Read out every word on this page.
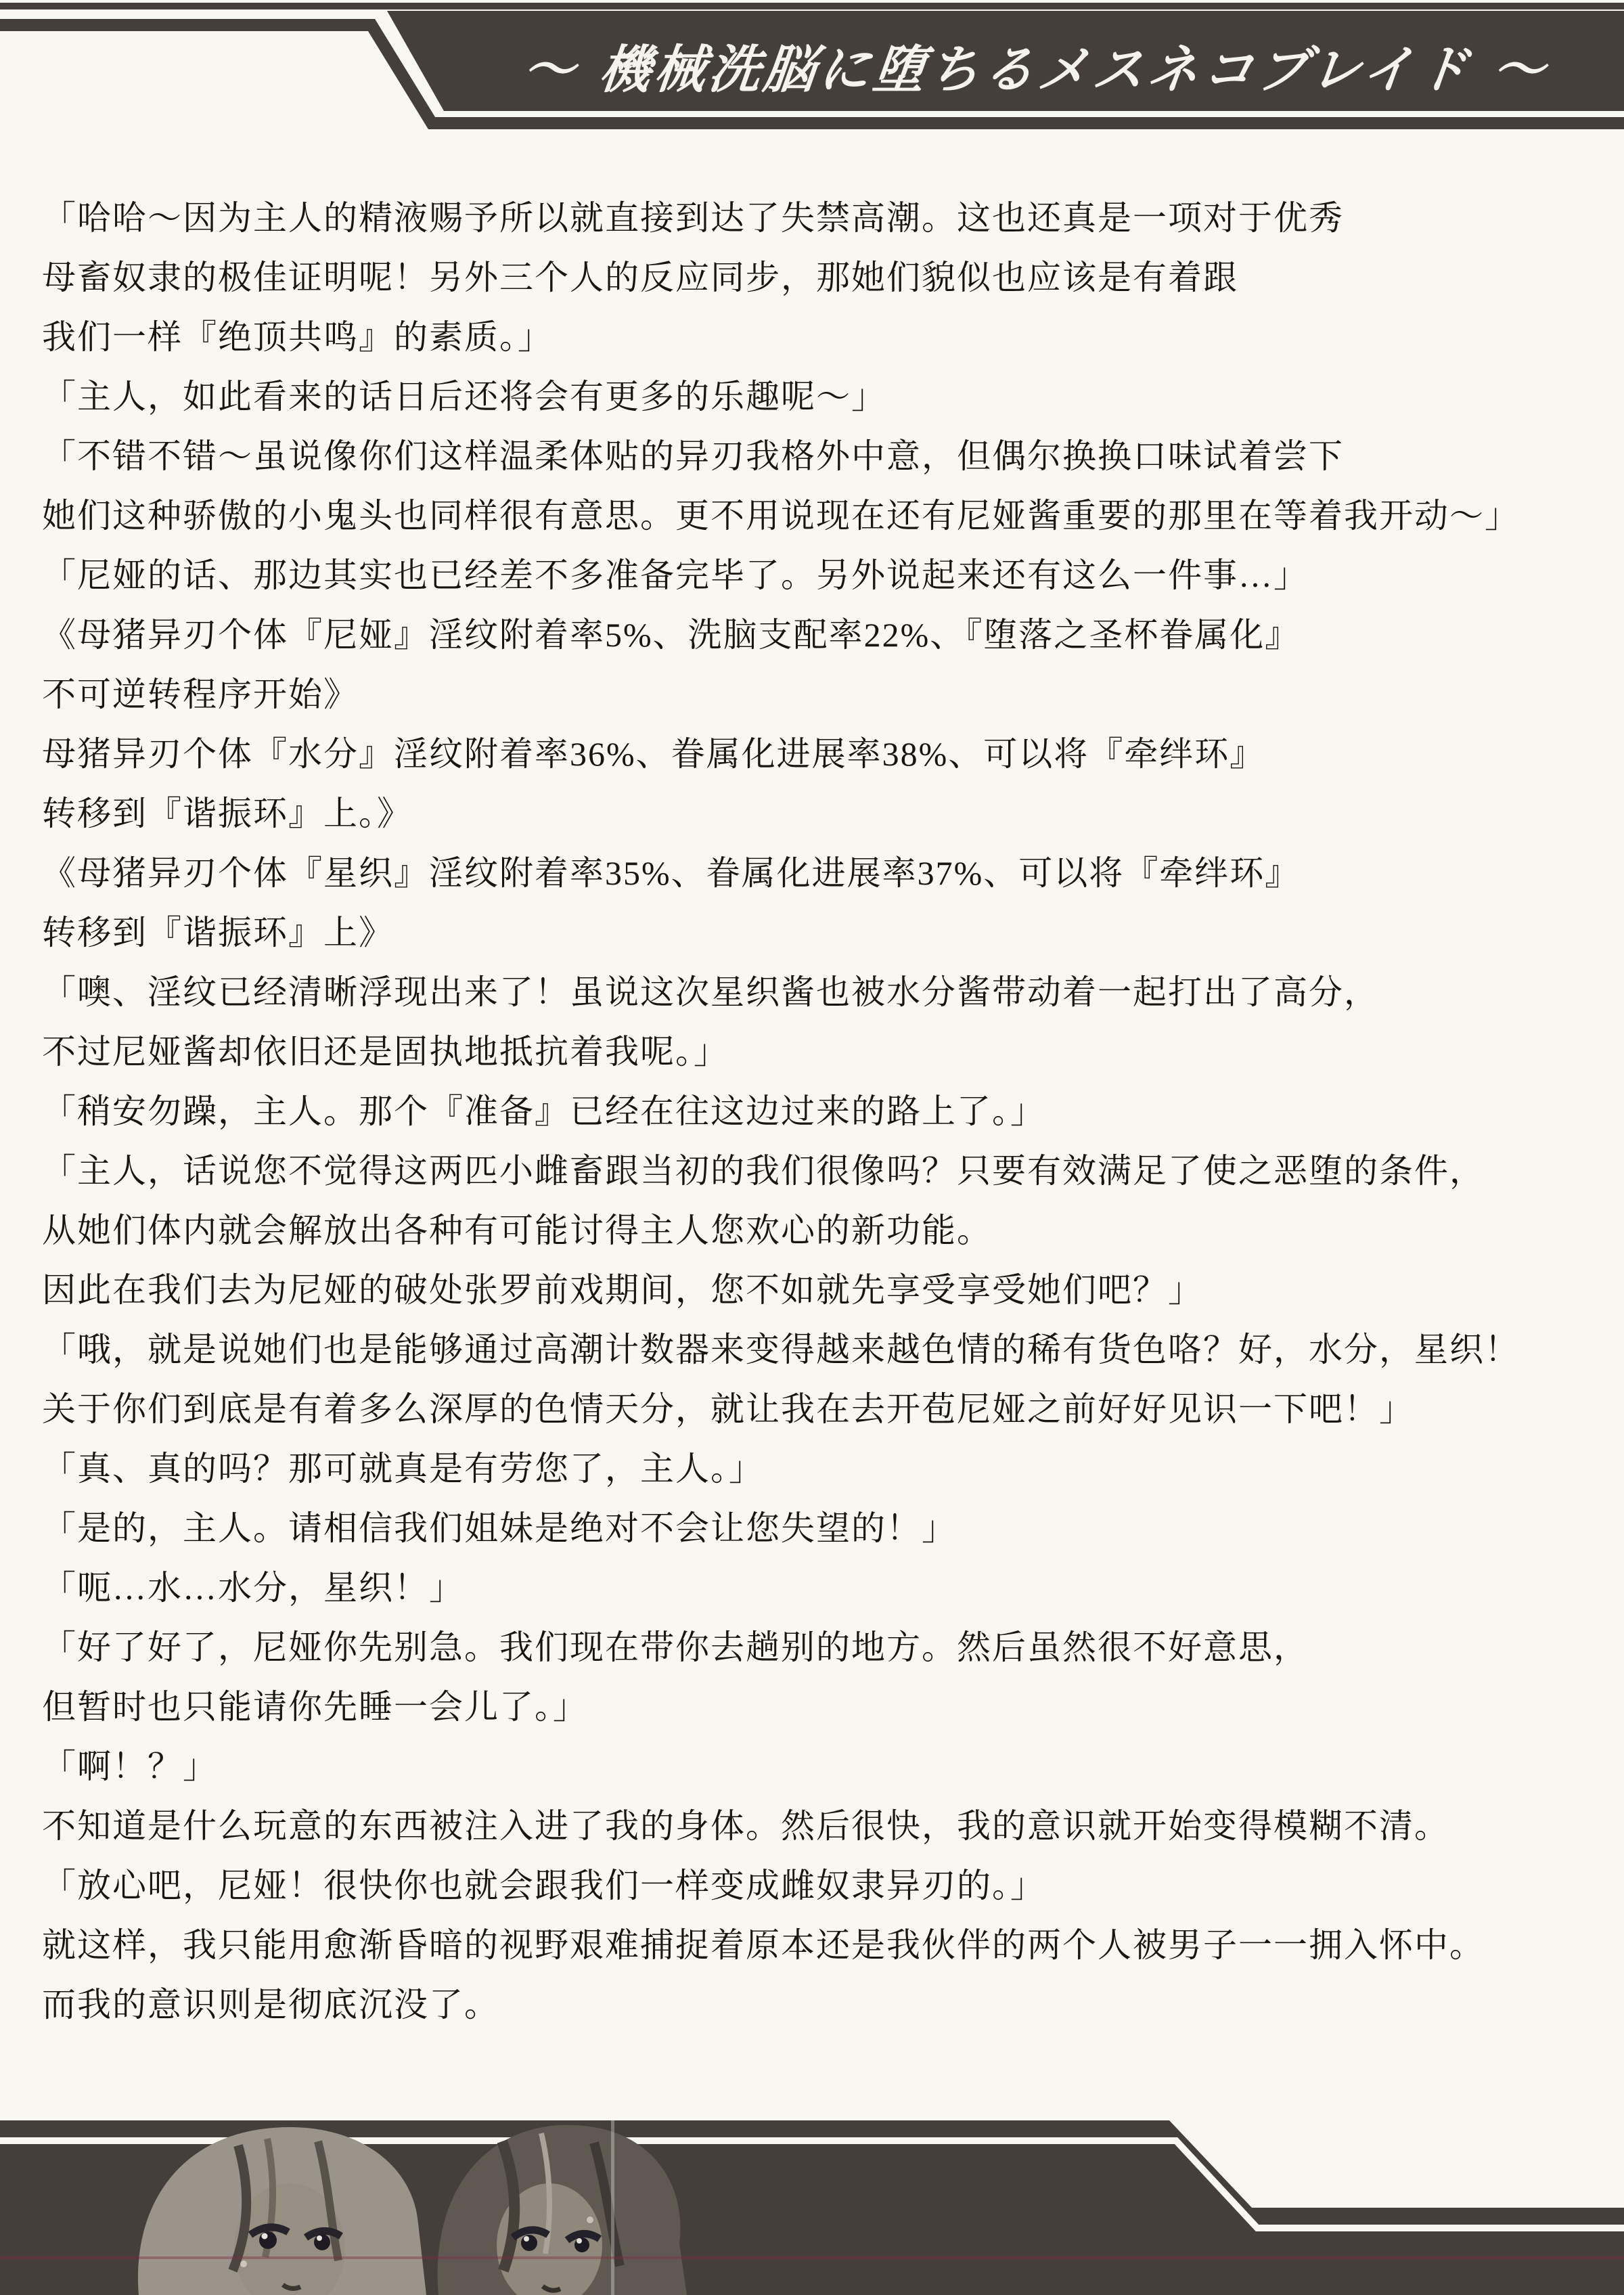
～ 機械洗脳に堕ちるメスネコブレイド ～
「哈哈～因为主人的精液赐予所以就直接到达了失禁高潮。这也还真是一项对于优秀
母畜奴隶的极佳证明呢！另外三个人的反应同步，那她们貌似也应该是有着跟
我们一样『绝顶共鸣』的素质。」
「主人，如此看来的话日后还将会有更多的乐趣呢～」
「不错不错～虽说像你们这样温柔体贴的异刃我格外中意，但偶尔换换口味试着尝下
她们这种骄傲的小鬼头也同样很有意思。更不用说现在还有尼娅酱重要的那里在等着我开动～」
「尼娅的话、那边其实也已经差不多准备完毕了。另外说起来还有这么一件事…」
《母猪异刃个体『尼娅』淫纹附着率5%、洗脑支配率22%、『堕落之圣杯眷属化』
不可逆转程序开始》
母猪异刃个体『水分』淫纹附着率36%、眷属化进展率38%、可以将『牵绊环』
转移到『谐振环』上。》
《母猪异刃个体『星织』淫纹附着率35%、眷属化进展率37%、可以将『牵绊环』
转移到『谐振环』上》
「噢、淫纹已经清晰浮现出来了！虽说这次星织酱也被水分酱带动着一起打出了高分，
不过尼娅酱却依旧还是固执地抵抗着我呢。」
「稍安勿躁，主人。那个『准备』已经在往这边过来的路上了。」
「主人，话说您不觉得这两匹小雌畜跟当初的我们很像吗？只要有效满足了使之恶堕的条件，
从她们体内就会解放出各种有可能讨得主人您欢心的新功能。
因此在我们去为尼娅的破处张罗前戏期间，您不如就先享受享受她们吧？」
「哦，就是说她们也是能够通过高潮计数器来变得越来越色情的稀有货色咯？好，水分，星织！
关于你们到底是有着多么深厚的色情天分，就让我在去开苞尼娅之前好好见识一下吧！」
「真、真的吗？那可就真是有劳您了，主人。」
「是的，主人。请相信我们姐妹是绝对不会让您失望的！」
「呃…水…水分，星织！」
「好了好了，尼娅你先别急。我们现在带你去趟别的地方。然后虽然很不好意思，
但暂时也只能请你先睡一会儿了。」
「啊！？」
不知道是什么玩意的东西被注入进了我的身体。然后很快，我的意识就开始变得模糊不清。
「放心吧，尼娅！很快你也就会跟我们一样变成雌奴隶异刃的。」
就这样，我只能用愈渐昏暗的视野艰难捕捉着原本还是我伙伴的两个人被男子一一拥入怀中。
而我的意识则是彻底沉没了。
